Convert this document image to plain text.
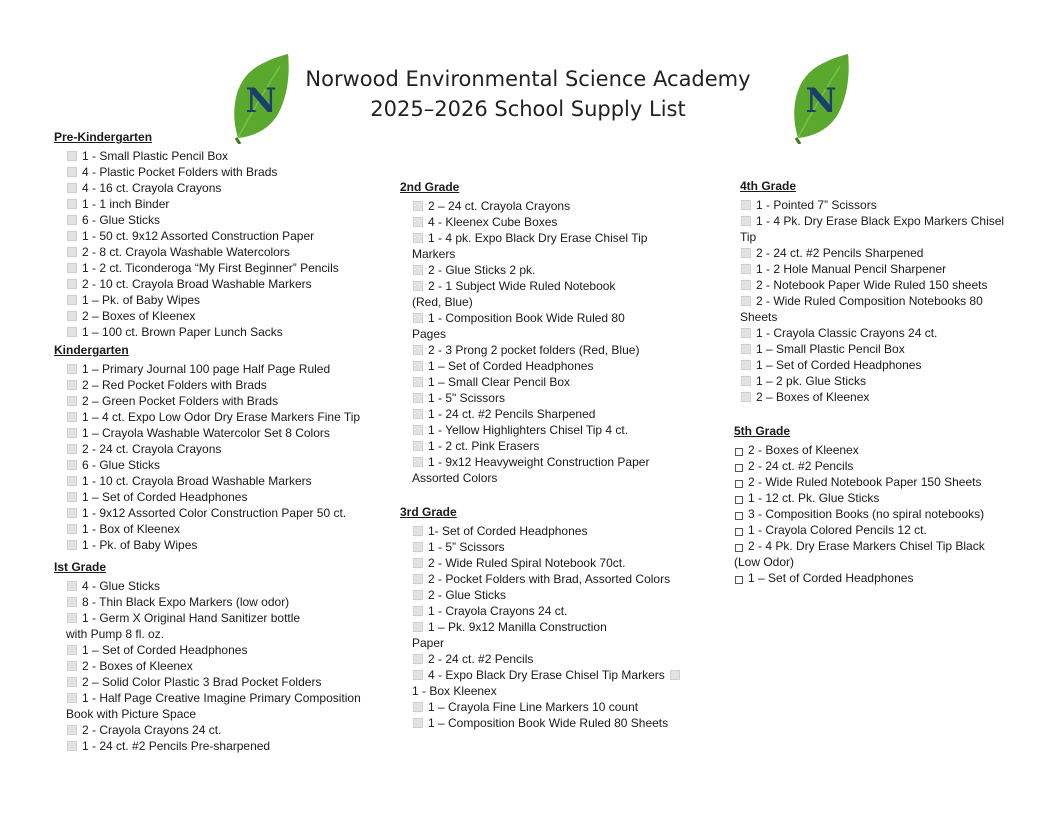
Norwood Environmental Science Academy
2025–2026 School Supply List
N	N
Pre-Kindergarten
1 - Small Plastic Pencil Box
4 - Plastic Pocket Folders with Brads
4 - 16 ct. Crayola Crayons
1 - 1 inch Binder
6 - Glue Sticks
1 - 50 ct. 9x12 Assorted Construction Paper
2 - 8 ct. Crayola Washable Watercolors
1 - 2 ct. Ticonderoga “My First Beginner” Pencils
2 - 10 ct. Crayola Broad Washable Markers
1 – Pk. of Baby Wipes
2 – Boxes of Kleenex
1 – 100 ct. Brown Paper Lunch Sacks
Kindergarten
1 – Primary Journal 100 page Half Page Ruled
2 – Red Pocket Folders with Brads
2 – Green Pocket Folders with Brads
1 – 4 ct. Expo Low Odor Dry Erase Markers Fine Tip
1 – Crayola Washable Watercolor Set 8 Colors
2 - 24 ct. Crayola Crayons
6 - Glue Sticks
1 - 10 ct. Crayola Broad Washable Markers
1 – Set of Corded Headphones
1 - 9x12 Assorted Color Construction Paper 50 ct.
1 - Box of Kleenex
1 - Pk. of Baby Wipes
Ist Grade
4 - Glue Sticks
8 - Thin Black Expo Markers (low odor)
1 - Germ X Original Hand Sanitizer bottle
with Pump 8 fl. oz.
1 – Set of Corded Headphones
2 - Boxes of Kleenex
2 – Solid Color Plastic 3 Brad Pocket Folders
1 - Half Page Creative Imagine Primary Composition
Book with Picture Space
2 - Crayola Crayons 24 ct.
1 - 24 ct. #2 Pencils Pre-sharpened
2nd Grade
2 – 24 ct. Crayola Crayons
4 - Kleenex Cube Boxes
1 - 4 pk. Expo Black Dry Erase Chisel Tip
Markers
2 - Glue Sticks 2 pk.
2 - 1 Subject Wide Ruled Notebook
(Red, Blue)
1 - Composition Book Wide Ruled 80
Pages
2 - 3 Prong 2 pocket folders (Red, Blue)
1 – Set of Corded Headphones
1 – Small Clear Pencil Box
1 - 5" Scissors
1 - 24 ct. #2 Pencils Sharpened
1 - Yellow Highlighters Chisel Tip 4 ct.
1 - 2 ct. Pink Erasers
1 - 9x12 Heavyweight Construction Paper
Assorted Colors
3rd Grade
1- Set of Corded Headphones
1 - 5” Scissors
2 - Wide Ruled Spiral Notebook 70ct.
2 - Pocket Folders with Brad, Assorted Colors
2 - Glue Sticks
1 - Crayola Crayons 24 ct.
1 – Pk. 9x12 Manilla Construction
Paper
2 - 24 ct. #2 Pencils
4 - Expo Black Dry Erase Chisel Tip Markers
1 - Box Kleenex
1 – Crayola Fine Line Markers 10 count
1 – Composition Book Wide Ruled 80 Sheets
4th Grade
1 - Pointed 7” Scissors
1 - 4 Pk. Dry Erase Black Expo Markers Chisel
Tip
2 - 24 ct. #2 Pencils Sharpened
1 - 2 Hole Manual Pencil Sharpener
2 - Notebook Paper Wide Ruled 150 sheets
2 - Wide Ruled Composition Notebooks 80
Sheets
1 - Crayola Classic Crayons 24 ct.
1 – Small Plastic Pencil Box
1 – Set of Corded Headphones
1 – 2 pk. Glue Sticks
2 – Boxes of Kleenex
5th Grade
2 - Boxes of Kleenex
2 - 24 ct. #2 Pencils
2 - Wide Ruled Notebook Paper 150 Sheets
1 - 12 ct. Pk. Glue Sticks
3 - Composition Books (no spiral notebooks)
1 - Crayola Colored Pencils 12 ct.
2 - 4 Pk. Dry Erase Markers Chisel Tip Black
(Low Odor)
1 – Set of Corded Headphones
